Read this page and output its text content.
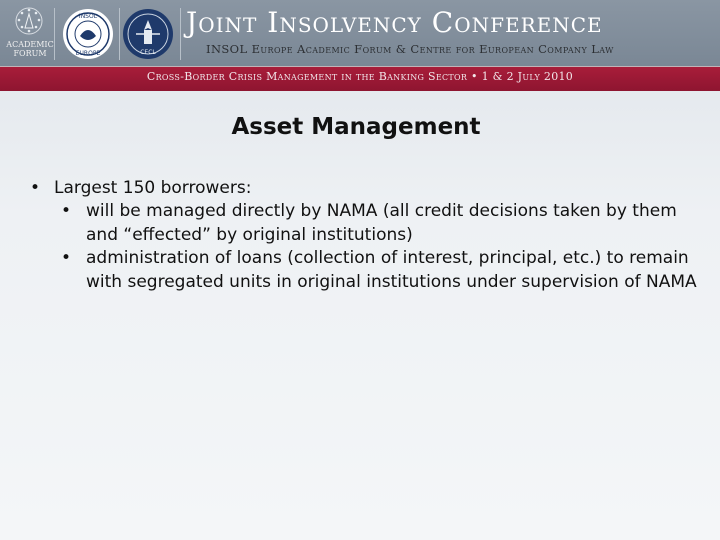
ACADEMIC FORUM
INSOL
EUROPE	CECL
Joint Insolvency Conference
INSOL Europe Academic Forum & Centre for European Company Law
Cross-Border Crisis Management in the Banking Sector • 1 & 2 July 2010
Asset Management
• Largest 150 borrowers:
• will be managed directly by NAMA (all credit decisions taken by them and “effected” by original institutions)
• administration of loans (collection of interest, principal, etc.) to remain with segregated units in original institutions under supervision of NAMA
